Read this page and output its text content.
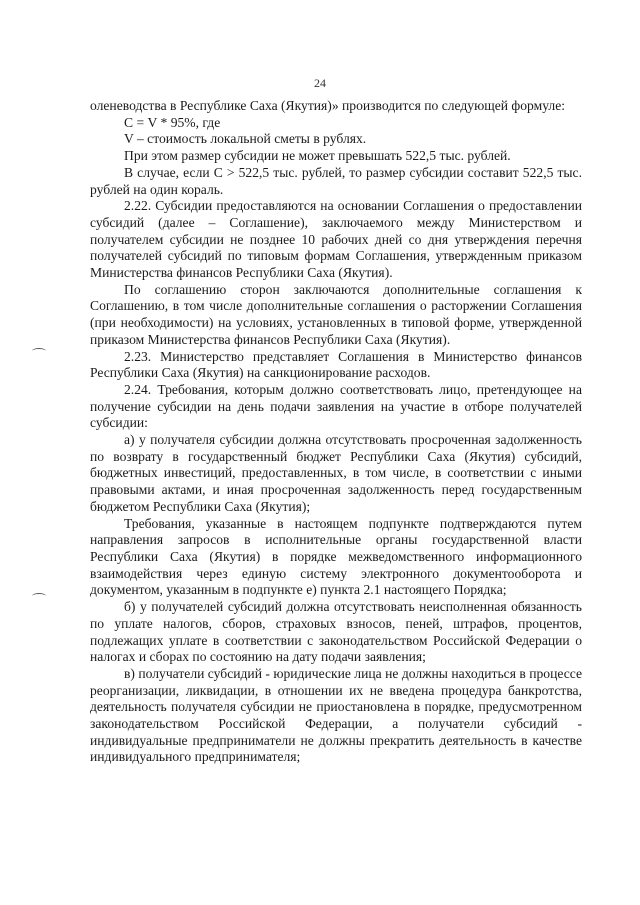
24

оленеводства в Республике Саха (Якутия)» производится по следующей формуле:

С = V * 95%, где

V – стоимость локальной сметы в рублях.

При этом размер субсидии не может превышать 522,5 тыс. рублей.

В случае, если С > 522,5 тыс. рублей, то размер субсидии составит 522,5 тыс. рублей на один кораль.

2.22. Субсидии предоставляются на основании Соглашения о предоставлении субсидий (далее – Соглашение), заключаемого между Министерством и получателем субсидии не позднее 10 рабочих дней со дня утверждения перечня получателей субсидий по типовым формам Соглашения, утвержденным приказом Министерства финансов Республики Саха (Якутия).

По соглашению сторон заключаются дополнительные соглашения к Соглашению, в том числе дополнительные соглашения о расторжении Соглашения (при необходимости) на условиях, установленных в типовой форме, утвержденной приказом Министерства финансов Республики Саха (Якутия).

2.23. Министерство представляет Соглашения в Министерство финансов Республики Саха (Якутия) на санкционирование расходов.

2.24. Требования, которым должно соответствовать лицо, претендующее на получение субсидии на день подачи заявления на участие в отборе получателей субсидии:

а) у получателя субсидии должна отсутствовать просроченная задолженность по возврату в государственный бюджет Республики Саха (Якутия) субсидий, бюджетных инвестиций, предоставленных, в том числе, в соответствии с иными правовыми актами, и иная просроченная задолженность перед государственным бюджетом Республики Саха (Якутия);

Требования, указанные в настоящем подпункте подтверждаются путем направления запросов в исполнительные органы государственной власти Республики Саха (Якутия) в порядке межведомственного информационного взаимодействия через единую систему электронного документооборота и документом, указанным в подпункте е) пункта 2.1 настоящего Порядка;

б) у получателей субсидий должна отсутствовать неисполненная обязанность по уплате налогов, сборов, страховых взносов, пеней, штрафов, процентов, подлежащих уплате в соответствии с законодательством Российской Федерации о налогах и сборах по состоянию на дату подачи заявления;

в) получатели субсидий - юридические лица не должны находиться в процессе реорганизации, ликвидации, в отношении их не введена процедура банкротства, деятельность получателя субсидии не приостановлена в порядке, предусмотренном законодательством Российской Федерации, а получатели субсидий - индивидуальные предприниматели не должны прекратить деятельность в качестве индивидуального предпринимателя;
